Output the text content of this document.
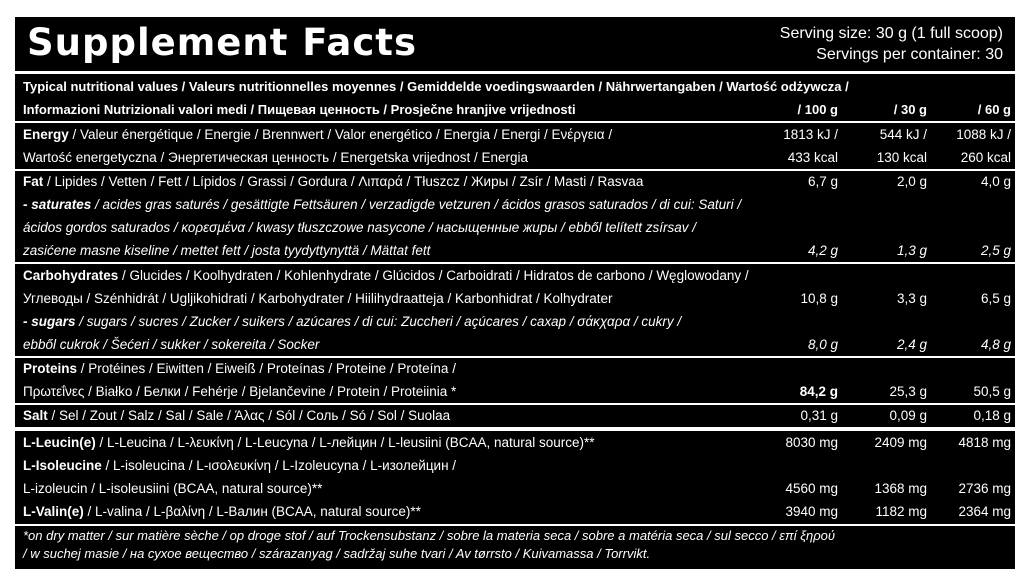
Supplement Facts	Serving size: 30 g (1 full scoop)
Servings per container: 30
Typical nutritional values / Valeurs nutritionnelles moyennes / Gemiddelde voedingswaarden / Nährwertangaben / Wartość odżywcza /
Informazioni Nutrizionali valori medi / Пищевая ценность / Prosječne hranjive vrijednosti	/ 100 g	/ 30 g	/ 60 g
Energy / Valeur énergétique / Energie / Brennwert / Valor energético / Energia / Energi / Ενέργεια /	1813 kJ /	544 kJ / 1088 kJ /
Wartość energetyczna / Энергетическая ценность / Energetska vrijednost / Energia	433 kcal	130 kcal 260 kcal
Fat / Lipides / Vetten / Fett / Lípidos / Grassi / Gordura / Λιπαρά / Tłuszcz / Жиры / Zsír / Masti / Rasvaa	6,7 g	2,0 g	4,0 g
- saturates / acides gras saturés / gesättigte Fettsäuren / verzadigde vetzuren / ácidos grasos saturados / di cui: Saturi /
ácidos gordos saturados / κορεσμένα / kwasy tłuszczowe nasycone / насыщенные жиры / ebből telített zsírsav /
zasićene masne kiseline / mettet fett / josta tyydyttynyttä / Mättat fett	4,2 g	1,3 g	2,5 g
Carbohydrates / Glucides / Koolhydraten / Kohlenhydrate / Glúcidos / Carboidrati / Hidratos de carbono / Węglowodany /
Углеводы / Szénhidrát / Ugljikohidrati / Karbohydrater / Hiilihydraatteja / Karbonhidrat / Kolhydrater	10,8 g	3,3 g	6,5 g
- sugars / sugars / sucres / Zucker / suikers / azúcares / di cui: Zuccheri / açúcares / сахар / σάκχαρα / cukry /
ebből cukrok / Šećeri / sukker / sokereita / Socker	8,0 g	2,4 g	4,8 g
Proteins / Protéines / Eiwitten / Eiweiß / Proteínas / Proteine / Proteína /
Πρωτεΐνες / Białko / Белки / Fehérje / Bjelančevine / Protein / Proteiinia *	84,2 g	25,3 g	50,5 g
Salt / Sel / Zout / Salz / Sal / Sale / Άλας / Sól / Соль / Só / Sol / Suolaa	0,31 g	0,09 g	0,18 g
L-Leucin(e) / L-Leucina / L-λευκίνη / L-Leucyna / L-лейцин / L-leusiini (BCAA, natural source)**	8030 mg	2409 mg 4818 mg
L-Isoleucine / L-isoleucina / L-ισολευκίνη / L-Izoleucyna / L-изолейцин /
L-izoleucin / L-isoleusiini (BCAA, natural source)**	4560 mg	1368 mg 2736 mg
L-Valin(e) / L-valina / L-βαλίνη / L-Валин (BCAA, natural source)**	3940 mg	1182 mg 2364 mg
*on dry matter / sur matière sèche / op droge stof / auf Trockensubstanz / sobre la materia seca / sobre a matéria seca / sul secco / επί ξηρού
/ w suchej masie / на сухое вещество / szárazanyag / sadržaj suhe tvari / Av tørrsto / Kuivamassa / Torrvikt.
